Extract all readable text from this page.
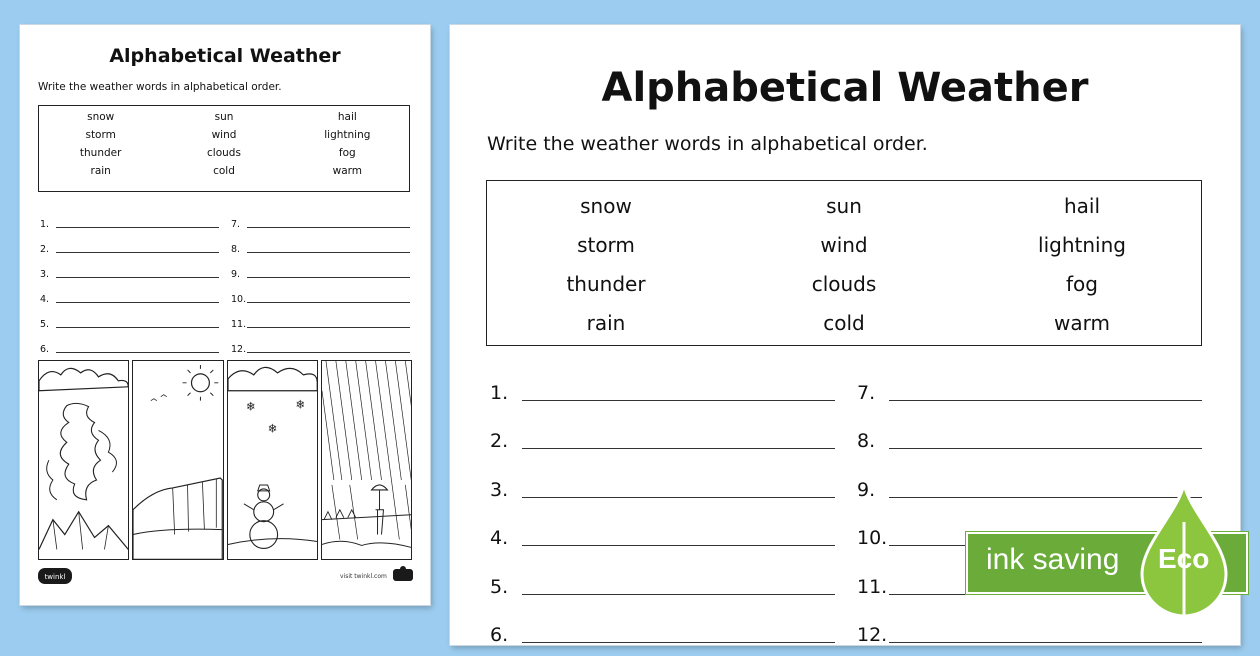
Alphabetical Weather
Write the weather words in alphabetical order.
snow	sun	hail
storm	wind	lightning
thunder	clouds	fog
rain	cold	warm
1.	7.
2.	8.
3.	9.
4.	10.
5.	11.
6.	12.
❄	❄
❄
twinkl	visit twinkl.com
Alphabetical Weather
Write the weather words in alphabetical order.
snow	sun	hail
storm	wind	lightning
thunder	clouds	fog
rain	cold	warm
1.	7.
2.	8.
3.	9.
4.	10.
5.	11.
6.	12.
ink saving Eco
